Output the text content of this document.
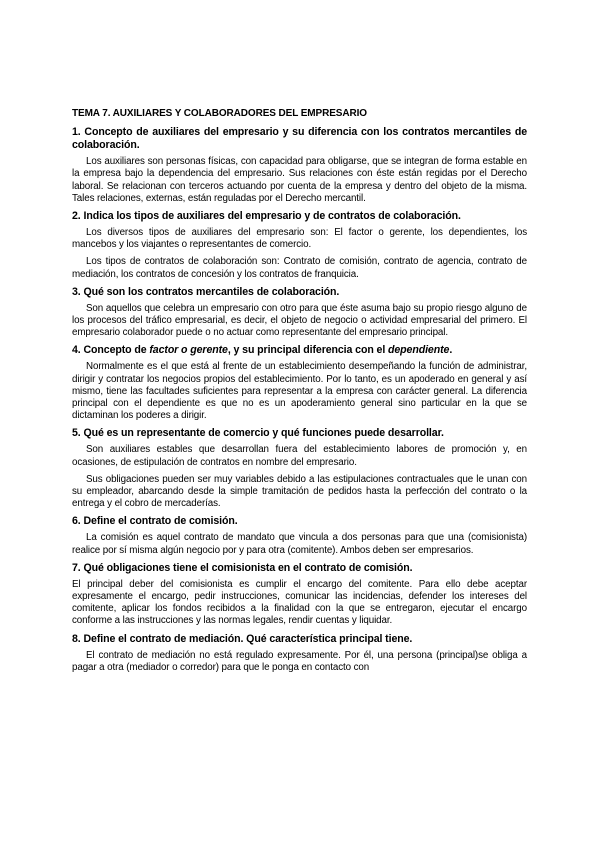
TEMA 7. AUXILIARES Y COLABORADORES DEL EMPRESARIO
1. Concepto de auxiliares del empresario y su diferencia con los contratos mercantiles de colaboración.
Los auxiliares son personas físicas, con capacidad para obligarse, que se integran de forma estable en la empresa bajo la dependencia del empresario. Sus relaciones con éste están regidas por el Derecho laboral. Se relacionan con terceros actuando por cuenta de la empresa y dentro del objeto de la misma. Tales relaciones, externas, están reguladas por el Derecho mercantil.
2. Indica los tipos de auxiliares del empresario y de contratos de colaboración.
Los diversos tipos de auxiliares del empresario son: El factor o gerente, los dependientes, los mancebos y los viajantes o representantes de comercio.
Los tipos de contratos de colaboración son: Contrato de comisión, contrato de agencia, contrato de mediación, los contratos de concesión y los contratos de franquicia.
3. Qué son los contratos mercantiles de colaboración.
Son aquellos que celebra un empresario con otro para que éste asuma bajo su propio riesgo alguno de los procesos del tráfico empresarial, es decir, el objeto de negocio o actividad empresarial del primero. El empresario colaborador puede o no actuar como representante del empresario principal.
4. Concepto de factor o gerente, y su principal diferencia con el dependiente.
Normalmente es el que está al frente de un establecimiento desempeñando la función de administrar, dirigir y contratar los negocios propios del establecimiento. Por lo tanto, es un apoderado en general y así mismo, tiene las facultades suficientes para representar a la empresa con carácter general. La diferencia principal con el dependiente es que no es un apoderamiento general sino particular en la que se dictaminan los poderes a dirigir.
5. Qué es un representante de comercio y qué funciones puede desarrollar.
Son auxiliares estables que desarrollan fuera del establecimiento labores de promoción y, en ocasiones, de estipulación de contratos en nombre del empresario.
Sus obligaciones pueden ser muy variables debido a las estipulaciones contractuales que le unan con su empleador, abarcando desde la simple tramitación de pedidos hasta la perfección del contrato o la entrega y el cobro de mercaderías.
6. Define el contrato de comisión.
La comisión es aquel contrato de mandato que vincula a dos personas para que una (comisionista) realice por sí misma algún negocio por y para otra (comitente). Ambos deben ser empresarios.
7. Qué obligaciones tiene el comisionista en el contrato de comisión.
El principal deber del comisionista es cumplir el encargo del comitente. Para ello debe aceptar expresamente el encargo, pedir instrucciones, comunicar las incidencias, defender los intereses del comitente, aplicar los fondos recibidos a la finalidad con la que se entregaron, ejecutar el encargo conforme a las instrucciones y las normas legales, rendir cuentas y liquidar.
8. Define el contrato de mediación. Qué característica principal tiene.
El contrato de mediación no está regulado expresamente. Por él, una persona (principal)se obliga a pagar a otra (mediador o corredor) para que le ponga en contacto con
